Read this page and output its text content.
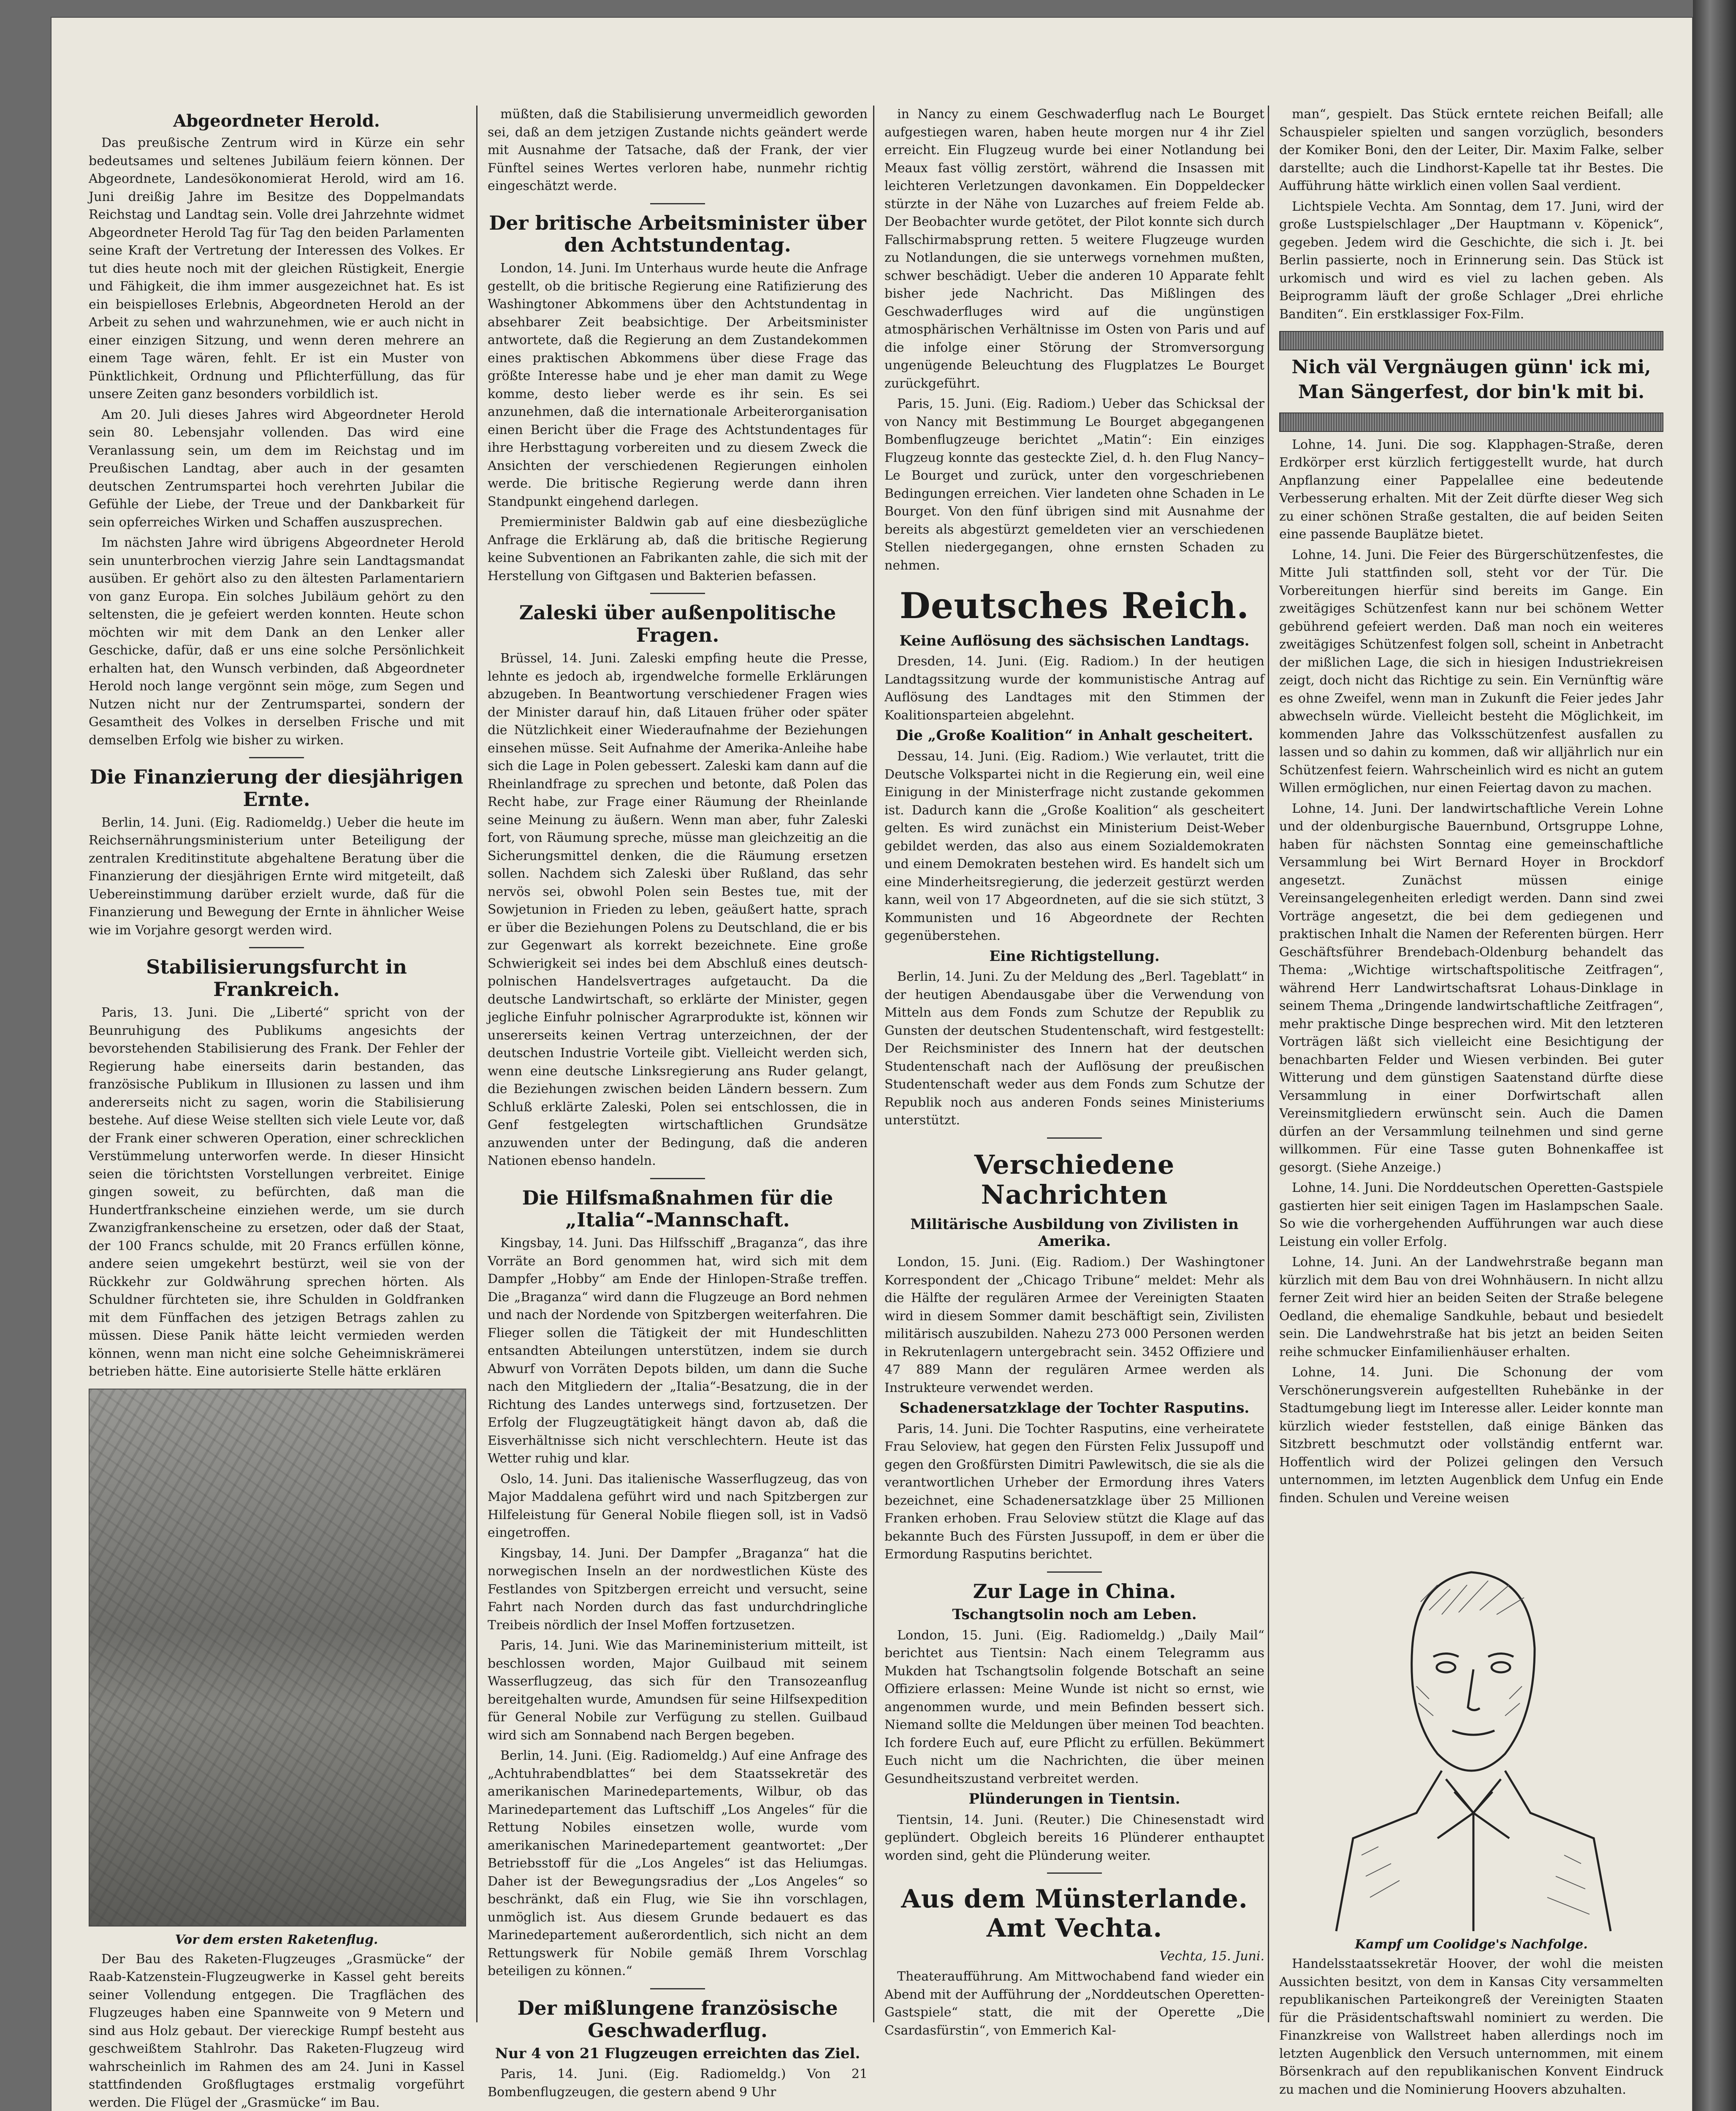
Abgeordneter Herold.

Das preußische Zentrum wird in Kürze ein sehr bedeutsames und seltenes Jubiläum feiern können. Der Abgeordnete, Landesökonomierat Herold, wird am 16. Juni dreißig Jahre im Besitze des Doppelmandats Reichstag und Landtag sein. Volle drei Jahrzehnte widmet Abgeordneter Herold Tag für Tag den beiden Parlamenten seine Kraft der Vertretung der Interessen des Volkes. Er tut dies heute noch mit der gleichen Rüstigkeit, Energie und Fähigkeit, die ihm immer ausgezeichnet hat. Es ist ein beispielloses Erlebnis, Abgeordneten Herold an der Arbeit zu sehen und wahrzunehmen, wie er auch nicht in einer einzigen Sitzung, und wenn deren mehrere an einem Tage wären, fehlt. Er ist ein Muster von Pünktlichkeit, Ordnung und Pflichterfüllung, das für unsere Zeiten ganz besonders vorbildlich ist.

Am 20. Juli dieses Jahres wird Abgeordneter Herold sein 80. Lebensjahr vollenden. Das wird eine Veranlassung sein, um dem im Reichstag und im Preußischen Landtag, aber auch in der gesamten deutschen Zentrumspartei hoch verehrten Jubilar die Gefühle der Liebe, der Treue und der Dankbarkeit für sein opferreiches Wirken und Schaffen auszusprechen.

Im nächsten Jahre wird übrigens Abgeordneter Herold sein ununterbrochen vierzig Jahre sein Landtagsmandat ausüben. Er gehört also zu den ältesten Parlamentariern von ganz Europa. Ein solches Jubiläum gehört zu den seltensten, die je gefeiert werden konnten. Heute schon möchten wir mit dem Dank an den Lenker aller Geschicke, dafür, daß er uns eine solche Persönlichkeit erhalten hat, den Wunsch verbinden, daß Abgeordneter Herold noch lange vergönnt sein möge, zum Segen und Nutzen nicht nur der Zentrumspartei, sondern der Gesamtheit des Volkes in derselben Frische und mit demselben Erfolg wie bisher zu wirken.

Die Finanzierung der diesjährigen Ernte.

Berlin, 14. Juni. (Eig. Radiomeldg.) Ueber die heute im Reichsernährungsministerium unter Beteiligung der zentralen Kreditinstitute abgehaltene Beratung über die Finanzierung der diesjährigen Ernte wird mitgeteilt, daß Uebereinstimmung darüber erzielt wurde, daß für die Finanzierung und Bewegung der Ernte in ähnlicher Weise wie im Vorjahre gesorgt werden wird.

Stabilisierungsfurcht in Frankreich.

Paris, 13. Juni. Die „Liberté“ spricht von der Beunruhigung des Publikums angesichts der bevorstehenden Stabilisierung des Frank. Der Fehler der Regierung habe einerseits darin bestanden, das französische Publikum in Illusionen zu lassen und ihm andererseits nicht zu sagen, worin die Stabilisierung bestehe. Auf diese Weise stellten sich viele Leute vor, daß der Frank einer schweren Operation, einer schrecklichen Verstümmelung unterworfen werde. In dieser Hinsicht seien die törichtsten Vorstellungen verbreitet. Einige gingen soweit, zu befürchten, daß man die Hundertfrankscheine einziehen werde, um sie durch Zwanzigfrankenscheine zu ersetzen, oder daß der Staat, der 100 Francs schulde, mit 20 Francs erfüllen könne, andere seien umgekehrt bestürzt, weil sie von der Rückkehr zur Goldwährung sprechen hörten. Als Schuldner fürchteten sie, ihre Schulden in Goldfranken mit dem Fünffachen des jetzigen Betrags zahlen zu müssen. Diese Panik hätte leicht vermieden werden können, wenn man nicht eine solche Geheimniskrämerei betrieben hätte. Eine autorisierte Stelle hätte erklären

Vor dem ersten Raketenflug.

Der Bau des Raketen-Flugzeuges „Grasmücke“ der Raab-Katzenstein-Flugzeugwerke in Kassel geht bereits seiner Vollendung entgegen. Die Tragflächen des Flugzeuges haben eine Spannweite von 9 Metern und sind aus Holz gebaut. Der viereckige Rumpf besteht aus geschweißtem Stahlrohr. Das Raketen-Flugzeug wird wahrscheinlich im Rahmen des am 24. Juni in Kassel stattfindenden Großflugtages erstmalig vorgeführt werden. Die Flügel der „Grasmücke“ im Bau.

müßten, daß die Stabilisierung unvermeidlich geworden sei, daß an dem jetzigen Zustande nichts geändert werde mit Ausnahme der Tatsache, daß der Frank, der vier Fünftel seines Wertes verloren habe, nunmehr richtig eingeschätzt werde.

Der britische Arbeitsminister über den Achtstundentag.

London, 14. Juni. Im Unterhaus wurde heute die Anfrage gestellt, ob die britische Regierung eine Ratifizierung des Washingtoner Abkommens über den Achtstundentag in absehbarer Zeit beabsichtige. Der Arbeitsminister antwortete, daß die Regierung an dem Zustandekommen eines praktischen Abkommens über diese Frage das größte Interesse habe und je eher man damit zu Wege komme, desto lieber werde es ihr sein. Es sei anzunehmen, daß die internationale Arbeiterorganisation einen Bericht über die Frage des Achtstundentages für ihre Herbsttagung vorbereiten und zu diesem Zweck die Ansichten der verschiedenen Regierungen einholen werde. Die britische Regierung werde dann ihren Standpunkt eingehend darlegen.

Premierminister Baldwin gab auf eine diesbezügliche Anfrage die Erklärung ab, daß die britische Regierung keine Subventionen an Fabrikanten zahle, die sich mit der Herstellung von Giftgasen und Bakterien befassen.

Zaleski über außenpolitische Fragen.

Brüssel, 14. Juni. Zaleski empfing heute die Presse, lehnte es jedoch ab, irgendwelche formelle Erklärungen abzugeben. In Beantwortung verschiedener Fragen wies der Minister darauf hin, daß Litauen früher oder später die Nützlichkeit einer Wiederaufnahme der Beziehungen einsehen müsse. Seit Aufnahme der Amerika-Anleihe habe sich die Lage in Polen gebessert. Zaleski kam dann auf die Rheinlandfrage zu sprechen und betonte, daß Polen das Recht habe, zur Frage einer Räumung der Rheinlande seine Meinung zu äußern. Wenn man aber, fuhr Zaleski fort, von Räumung spreche, müsse man gleichzeitig an die Sicherungsmittel denken, die die Räumung ersetzen sollen. Nachdem sich Zaleski über Rußland, das sehr nervös sei, obwohl Polen sein Bestes tue, mit der Sowjetunion in Frieden zu leben, geäußert hatte, sprach er über die Beziehungen Polens zu Deutschland, die er bis zur Gegenwart als korrekt bezeichnete. Eine große Schwierigkeit sei indes bei dem Abschluß eines deutsch-polnischen Handelsvertrages aufgetaucht. Da die deutsche Landwirtschaft, so erklärte der Minister, gegen jegliche Einfuhr polnischer Agrarprodukte ist, können wir unsererseits keinen Vertrag unterzeichnen, der der deutschen Industrie Vorteile gibt. Vielleicht werden sich, wenn eine deutsche Linksregierung ans Ruder gelangt, die Beziehungen zwischen beiden Ländern bessern. Zum Schluß erklärte Zaleski, Polen sei entschlossen, die in Genf festgelegten wirtschaftlichen Grundsätze anzuwenden unter der Bedingung, daß die anderen Nationen ebenso handeln.

Die Hilfsmaßnahmen für die „Italia“-Mannschaft.

Kingsbay, 14. Juni. Das Hilfsschiff „Braganza“, das ihre Vorräte an Bord genommen hat, wird sich mit dem Dampfer „Hobby“ am Ende der Hinlopen-Straße treffen. Die „Braganza“ wird dann die Flugzeuge an Bord nehmen und nach der Nordende von Spitzbergen weiterfahren. Die Flieger sollen die Tätigkeit der mit Hundeschlitten entsandten Abteilungen unterstützen, indem sie durch Abwurf von Vorräten Depots bilden, um dann die Suche nach den Mitgliedern der „Italia“-Besatzung, die in der Richtung des Landes unterwegs sind, fortzusetzen. Der Erfolg der Flugzeugtätigkeit hängt davon ab, daß die Eisverhältnisse sich nicht verschlechtern. Heute ist das Wetter ruhig und klar.

Oslo, 14. Juni. Das italienische Wasserflugzeug, das von Major Maddalena geführt wird und nach Spitzbergen zur Hilfeleistung für General Nobile fliegen soll, ist in Vadsö eingetroffen.

Kingsbay, 14. Juni. Der Dampfer „Braganza“ hat die norwegischen Inseln an der nordwestlichen Küste des Festlandes von Spitzbergen erreicht und versucht, seine Fahrt nach Norden durch das fast undurchdringliche Treibeis nördlich der Insel Moffen fortzusetzen.

Paris, 14. Juni. Wie das Marineministerium mitteilt, ist beschlossen worden, Major Guilbaud mit seinem Wasserflugzeug, das sich für den Transozeanflug bereitgehalten wurde, Amundsen für seine Hilfsexpedition für General Nobile zur Verfügung zu stellen. Guilbaud wird sich am Sonnabend nach Bergen begeben.

Berlin, 14. Juni. (Eig. Radiomeldg.) Auf eine Anfrage des „Achtuhrabendblattes“ bei dem Staatssekretär des amerikanischen Marinedepartements, Wilbur, ob das Marinedepartement das Luftschiff „Los Angeles“ für die Rettung Nobiles einsetzen wolle, wurde vom amerikanischen Marinedepartement geantwortet: „Der Betriebsstoff für die „Los Angeles“ ist das Heliumgas. Daher ist der Bewegungsradius der „Los Angeles“ so beschränkt, daß ein Flug, wie Sie ihn vorschlagen, unmöglich ist. Aus diesem Grunde bedauert es das Marinedepartement außerordentlich, sich nicht an dem Rettungswerk für Nobile gemäß Ihrem Vorschlag beteiligen zu können.“

Der mißlungene französische Geschwaderflug.
Nur 4 von 21 Flugzeugen erreichten das Ziel.

Paris, 14. Juni. (Eig. Radiomeldg.) Von 21 Bombenflugzeugen, die gestern abend 9 Uhr

in Nancy zu einem Geschwaderflug nach Le Bourget aufgestiegen waren, haben heute morgen nur 4 ihr Ziel erreicht. Ein Flugzeug wurde bei einer Notlandung bei Meaux fast völlig zerstört, während die Insassen mit leichteren Verletzungen davonkamen. Ein Doppeldecker stürzte in der Nähe von Luzarches auf freiem Felde ab. Der Beobachter wurde getötet, der Pilot konnte sich durch Fallschirmabsprung retten. 5 weitere Flugzeuge wurden zu Notlandungen, die sie unterwegs vornehmen mußten, schwer beschädigt. Ueber die anderen 10 Apparate fehlt bisher jede Nachricht. Das Mißlingen des Geschwaderfluges wird auf die ungünstigen atmosphärischen Verhältnisse im Osten von Paris und auf die infolge einer Störung der Stromversorgung ungenügende Beleuchtung des Flugplatzes Le Bourget zurückgeführt.

Paris, 15. Juni. (Eig. Radiom.) Ueber das Schicksal der von Nancy mit Bestimmung Le Bourget abgegangenen Bombenflugzeuge berichtet „Matin“: Ein einziges Flugzeug konnte das gesteckte Ziel, d. h. den Flug Nancy–Le Bourget und zurück, unter den vorgeschriebenen Bedingungen erreichen. Vier landeten ohne Schaden in Le Bourget. Von den fünf übrigen sind mit Ausnahme der bereits als abgestürzt gemeldeten vier an verschiedenen Stellen niedergegangen, ohne ernsten Schaden zu nehmen.

Deutsches Reich.
Keine Auflösung des sächsischen Landtags.

Dresden, 14. Juni. (Eig. Radiom.) In der heutigen Landtagssitzung wurde der kommunistische Antrag auf Auflösung des Landtages mit den Stimmen der Koalitionsparteien abgelehnt.

Die „Große Koalition“ in Anhalt gescheitert.

Dessau, 14. Juni. (Eig. Radiom.) Wie verlautet, tritt die Deutsche Volkspartei nicht in die Regierung ein, weil eine Einigung in der Ministerfrage nicht zustande gekommen ist. Dadurch kann die „Große Koalition“ als gescheitert gelten. Es wird zunächst ein Ministerium Deist-Weber gebildet werden, das also aus einem Sozialdemokraten und einem Demokraten bestehen wird. Es handelt sich um eine Minderheitsregierung, die jederzeit gestürzt werden kann, weil von 17 Abgeordneten, auf die sie sich stützt, 3 Kommunisten und 16 Abgeordnete der Rechten gegenüberstehen.

Eine Richtigstellung.

Berlin, 14. Juni. Zu der Meldung des „Berl. Tageblatt“ in der heutigen Abendausgabe über die Verwendung von Mitteln aus dem Fonds zum Schutze der Republik zu Gunsten der deutschen Studentenschaft, wird festgestellt: Der Reichsminister des Innern hat der deutschen Studentenschaft nach der Auflösung der preußischen Studentenschaft weder aus dem Fonds zum Schutze der Republik noch aus anderen Fonds seines Ministeriums unterstützt.

Verschiedene Nachrichten
Militärische Ausbildung von Zivilisten in Amerika.

London, 15. Juni. (Eig. Radiom.) Der Washingtoner Korrespondent der „Chicago Tribune“ meldet: Mehr als die Hälfte der regulären Armee der Vereinigten Staaten wird in diesem Sommer damit beschäftigt sein, Zivilisten militärisch auszubilden. Nahezu 273 000 Personen werden in Rekrutenlagern untergebracht sein. 3452 Offiziere und 47 889 Mann der regulären Armee werden als Instrukteure verwendet werden.

Schadenersatzklage der Tochter Rasputins.

Paris, 14. Juni. Die Tochter Rasputins, eine verheiratete Frau Seloview, hat gegen den Fürsten Felix Jussupoff und gegen den Großfürsten Dimitri Pawlewitsch, die sie als die verantwortlichen Urheber der Ermordung ihres Vaters bezeichnet, eine Schadenersatzklage über 25 Millionen Franken erhoben. Frau Seloview stützt die Klage auf das bekannte Buch des Fürsten Jussupoff, in dem er über die Ermordung Rasputins berichtet.

Zur Lage in China.
Tschangtsolin noch am Leben.

London, 15. Juni. (Eig. Radiomeldg.) „Daily Mail“ berichtet aus Tientsin: Nach einem Telegramm aus Mukden hat Tschangtsolin folgende Botschaft an seine Offiziere erlassen: Meine Wunde ist nicht so ernst, wie angenommen wurde, und mein Befinden bessert sich. Niemand sollte die Meldungen über meinen Tod beachten. Ich fordere Euch auf, eure Pflicht zu erfüllen. Bekümmert Euch nicht um die Nachrichten, die über meinen Gesundheitszustand verbreitet werden.

Plünderungen in Tientsin.

Tientsin, 14. Juni. (Reuter.) Die Chinesenstadt wird geplündert. Obgleich bereits 16 Plünderer enthauptet worden sind, geht die Plünderung weiter.

Aus dem Münsterlande. Amt Vechta.
Vechta, 15. Juni.

Theateraufführung. Am Mittwochabend fand wieder ein Abend mit der Aufführung der „Norddeutschen Operetten-Gastspiele“ statt, die mit der Operette „Die Csardasfürstin“, von Emmerich Kal-

man“, gespielt. Das Stück erntete reichen Beifall; alle Schauspieler spielten und sangen vorzüglich, besonders der Komiker Boni, den der Leiter, Dir. Maxim Falke, selber darstellte; auch die Lindhorst-Kapelle tat ihr Bestes. Die Aufführung hätte wirklich einen vollen Saal verdient.

Lichtspiele Vechta. Am Sonntag, dem 17. Juni, wird der große Lustspielschlager „Der Hauptmann v. Köpenick“, gegeben. Jedem wird die Geschichte, die sich i. Jt. bei Berlin passierte, noch in Erinnerung sein. Das Stück ist urkomisch und wird es viel zu lachen geben. Als Beiprogramm läuft der große Schlager „Drei ehrliche Banditen“. Ein erstklassiger Fox-Film.

Nich väl Vergnäugen günn' ick mi, Man Sängerfest, dor bin'k mit bi.

Lohne, 14. Juni. Die sog. Klapphagen-Straße, deren Erdkörper erst kürzlich fertiggestellt wurde, hat durch Anpflanzung einer Pappelallee eine bedeutende Verbesserung erhalten. Mit der Zeit dürfte dieser Weg sich zu einer schönen Straße gestalten, die auf beiden Seiten eine passende Bauplätze bietet.

Lohne, 14. Juni. Die Feier des Bürgerschützenfestes, die Mitte Juli stattfinden soll, steht vor der Tür. Die Vorbereitungen hierfür sind bereits im Gange. Ein zweitägiges Schützenfest kann nur bei schönem Wetter gebührend gefeiert werden. Daß man noch ein weiteres zweitägiges Schützenfest folgen soll, scheint in Anbetracht der mißlichen Lage, die sich in hiesigen Industriekreisen zeigt, doch nicht das Richtige zu sein. Ein Vernünftig wäre es ohne Zweifel, wenn man in Zukunft die Feier jedes Jahr abwechseln würde. Vielleicht besteht die Möglichkeit, im kommenden Jahre das Volksschützenfest ausfallen zu lassen und so dahin zu kommen, daß wir alljährlich nur ein Schützenfest feiern. Wahrscheinlich wird es nicht an gutem Willen ermöglichen, nur einen Feiertag davon zu machen.

Lohne, 14. Juni. Der landwirtschaftliche Verein Lohne und der oldenburgische Bauernbund, Ortsgruppe Lohne, haben für nächsten Sonntag eine gemeinschaftliche Versammlung bei Wirt Bernard Hoyer in Brockdorf angesetzt. Zunächst müssen einige Vereinsangelegenheiten erledigt werden. Dann sind zwei Vorträge angesetzt, die bei dem gediegenen und praktischen Inhalt die Namen der Referenten bürgen. Herr Geschäftsführer Brendebach-Oldenburg behandelt das Thema: „Wichtige wirtschaftspolitische Zeitfragen“, während Herr Landwirtschaftsrat Lohaus-Dinklage in seinem Thema „Dringende landwirtschaftliche Zeitfragen“, mehr praktische Dinge besprechen wird. Mit den letzteren Vorträgen läßt sich vielleicht eine Besichtigung der benachbarten Felder und Wiesen verbinden. Bei guter Witterung und dem günstigen Saatenstand dürfte diese Versammlung in einer Dorfwirtschaft allen Vereinsmitgliedern erwünscht sein. Auch die Damen dürfen an der Versammlung teilnehmen und sind gerne willkommen. Für eine Tasse guten Bohnenkaffee ist gesorgt. (Siehe Anzeige.)

Lohne, 14. Juni. Die Norddeutschen Operetten-Gastspiele gastierten hier seit einigen Tagen im Haslampschen Saale. So wie die vorhergehenden Aufführungen war auch diese Leistung ein voller Erfolg.

Lohne, 14. Juni. An der Landwehrstraße begann man kürzlich mit dem Bau von drei Wohnhäusern. In nicht allzu ferner Zeit wird hier an beiden Seiten der Straße belegene Oedland, die ehemalige Sandkuhle, bebaut und besiedelt sein. Die Landwehrstraße hat bis jetzt an beiden Seiten reihe schmucker Einfamilienhäuser erhalten.

Lohne, 14. Juni. Die Schonung der vom Verschönerungsverein aufgestellten Ruhebänke in der Stadtumgebung liegt im Interesse aller. Leider konnte man kürzlich wieder feststellen, daß einige Bänken das Sitzbrett beschmutzt oder vollständig entfernt war. Hoffentlich wird der Polizei gelingen den Versuch unternommen, im letzten Augenblick dem Unfug ein Ende finden. Schulen und Vereine weisen

Kampf um Coolidge's Nachfolge.

Handelsstaatssekretär Hoover, der wohl die meisten Aussichten besitzt, von dem in Kansas City versammelten republikanischen Parteikongreß der Vereinigten Staaten für die Präsidentschaftswahl nominiert zu werden. Die Finanzkreise von Wallstreet haben allerdings noch im letzten Augenblick den Versuch unternommen, mit einem Börsenkrach auf den republikanischen Konvent Eindruck zu machen und die Nominierung Hoovers abzuhalten.
